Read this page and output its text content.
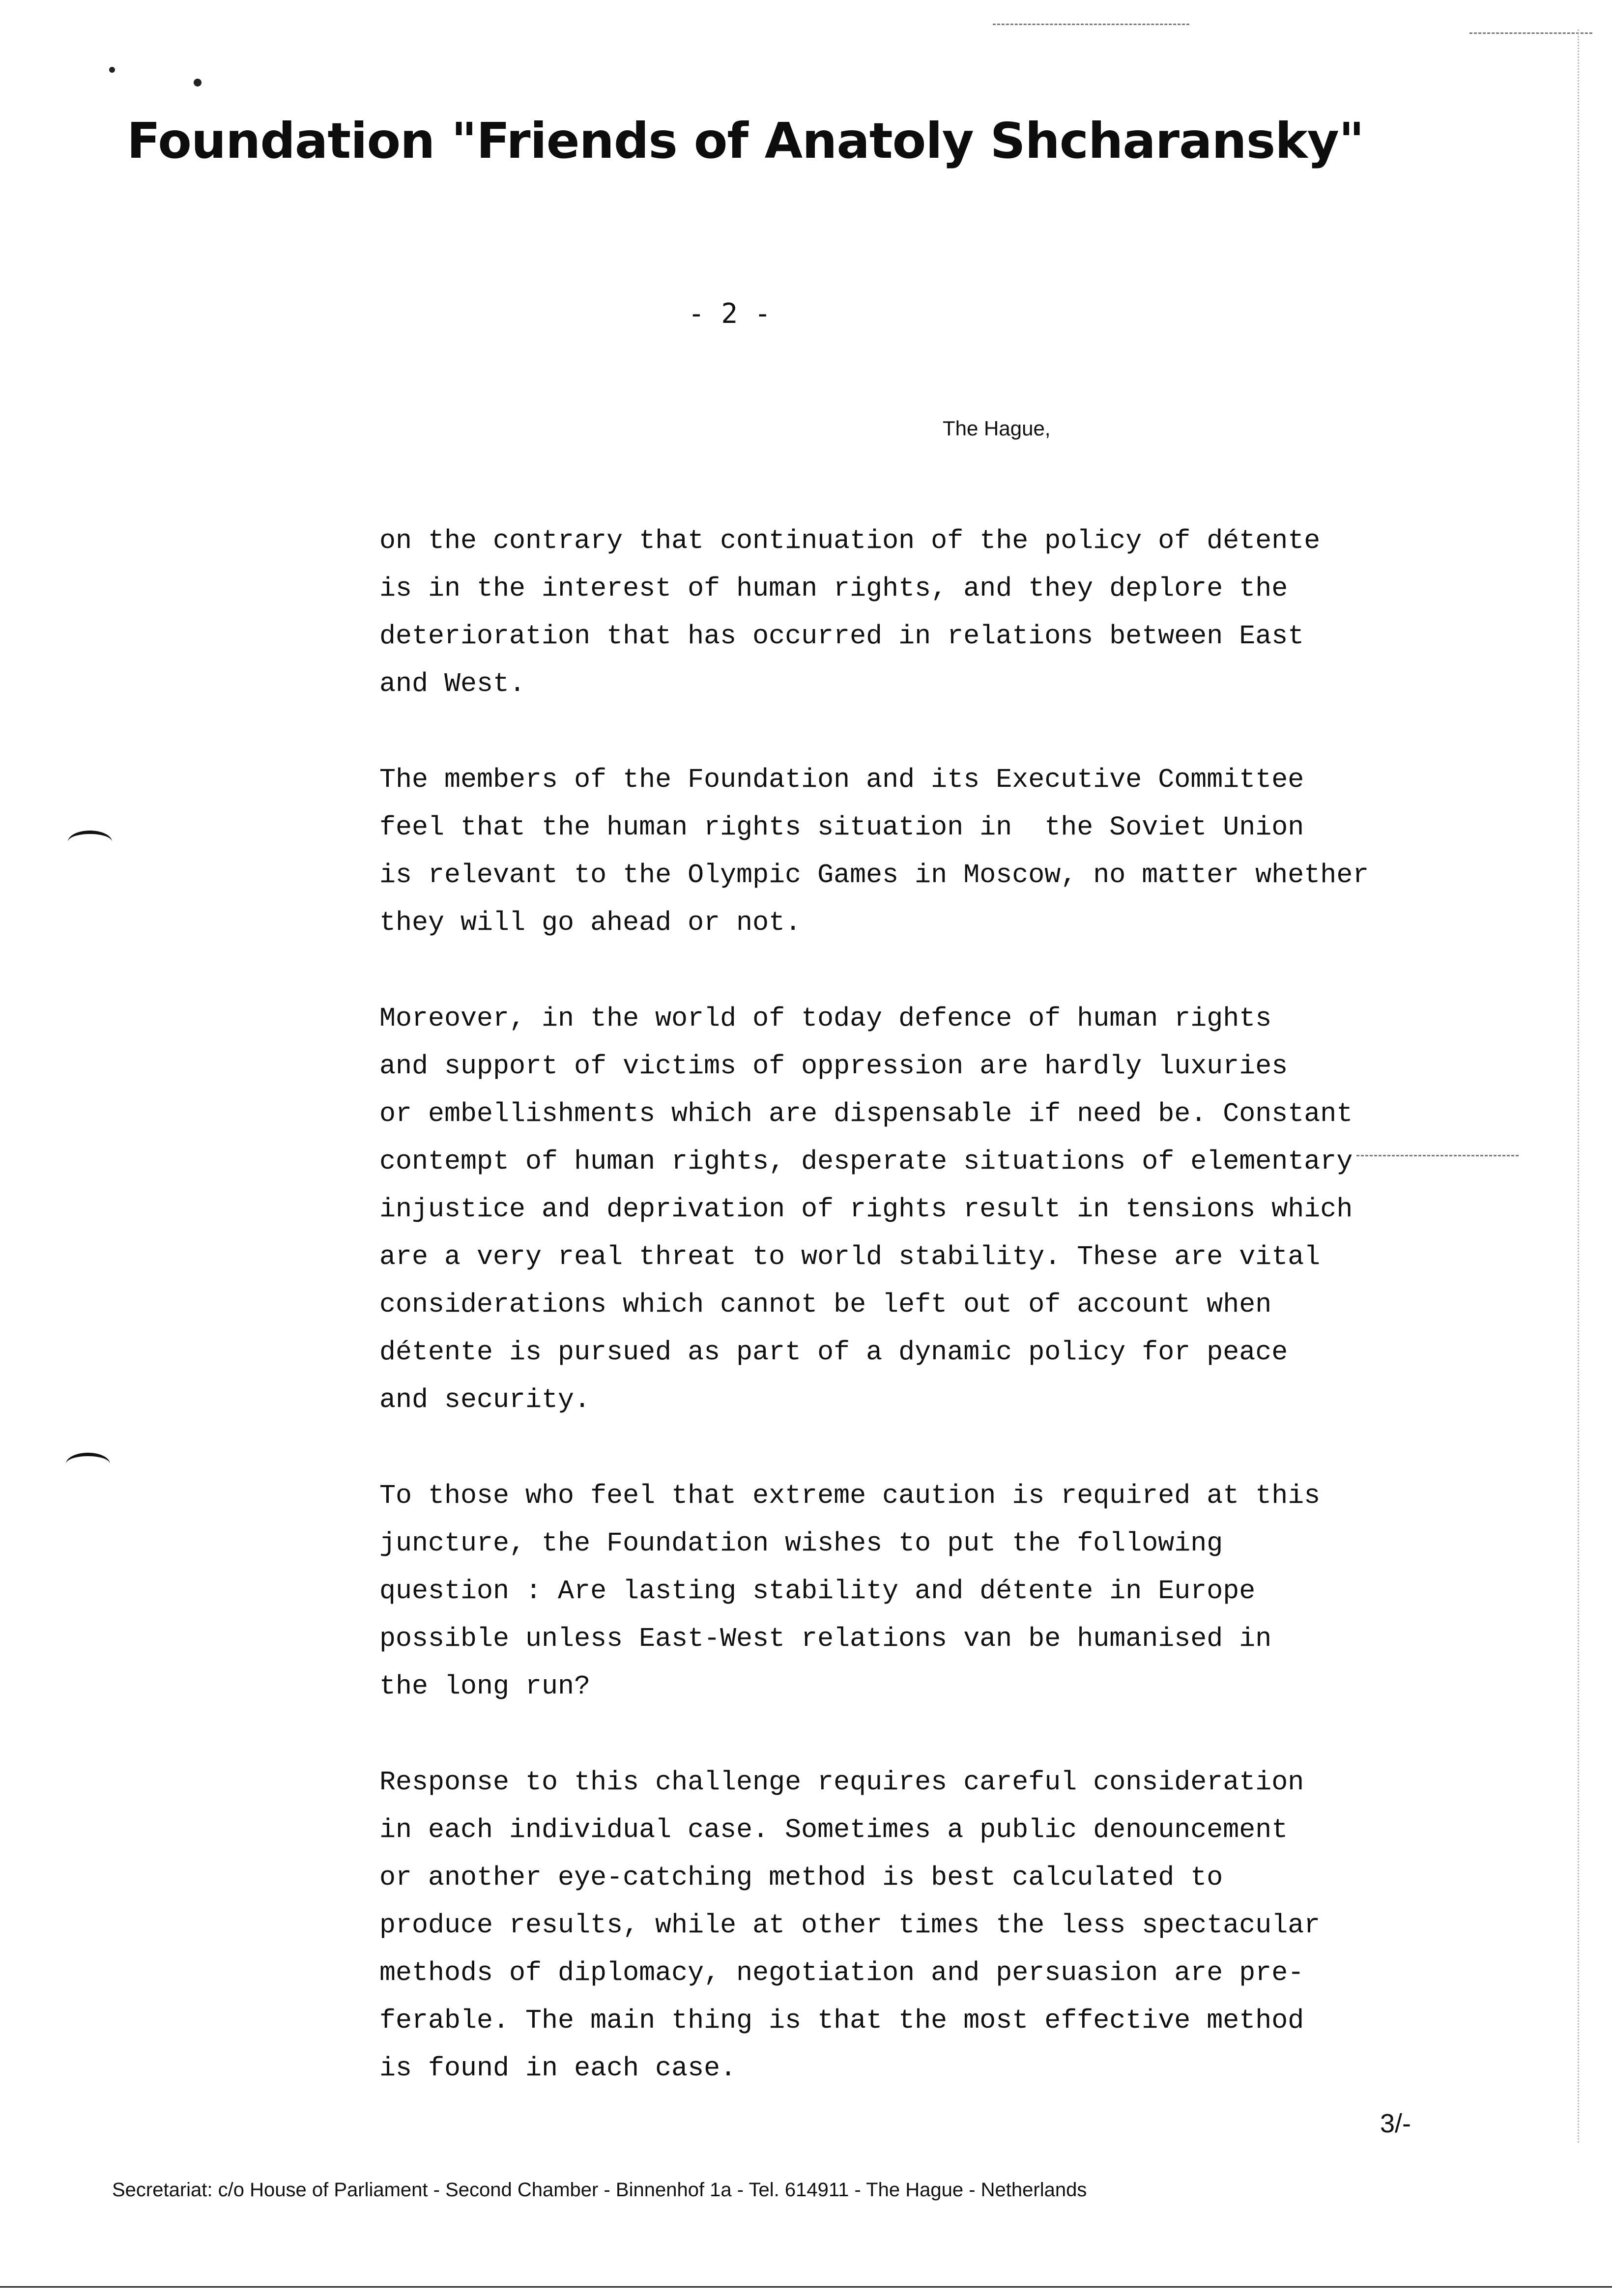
Foundation "Friends of Anatoly Shcharansky"
- 2 -
The Hague,
on the contrary that continuation of the policy of détente
is in the interest of human rights, and they deplore the
deterioration that has occurred in relations between East
and West.
The members of the Foundation and its Executive Committee
feel that the human rights situation in  the Soviet Union
is relevant to the Olympic Games in Moscow, no matter whether
they will go ahead or not.
Moreover, in the world of today defence of human rights
and support of victims of oppression are hardly luxuries
or embellishments which are dispensable if need be. Constant
contempt of human rights, desperate situations of elementary
injustice and deprivation of rights result in tensions which
are a very real threat to world stability. These are vital
considerations which cannot be left out of account when
détente is pursued as part of a dynamic policy for peace
and security.
To those who feel that extreme caution is required at this
juncture, the Foundation wishes to put the following
question : Are lasting stability and détente in Europe
possible unless East-West relations van be humanised in
the long run?
Response to this challenge requires careful consideration
in each individual case. Sometimes a public denouncement
or another eye-catching method is best calculated to
produce results, while at other times the less spectacular
methods of diplomacy, negotiation and persuasion are pre-
ferable. The main thing is that the most effective method
is found in each case.
3/-
Secretariat: c/o House of Parliament - Second Chamber - Binnenhof 1a - Tel. 614911 - The Hague - Netherlands
